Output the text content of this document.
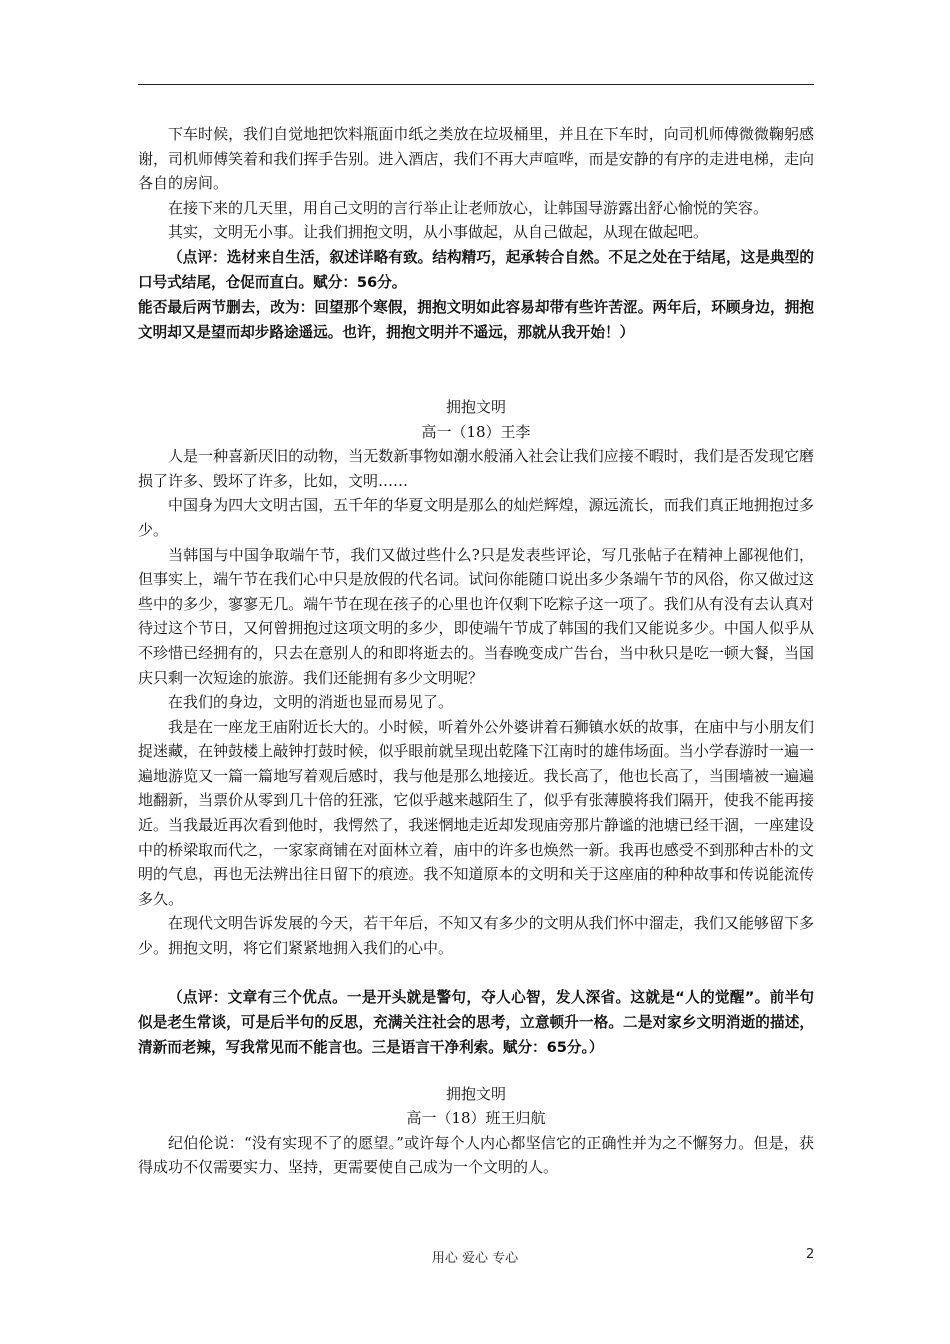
下车时候，我们自觉地把饮料瓶面巾纸之类放在垃圾桶里，并且在下车时，向司机师傅微微鞠躬感谢，司机师傅笑着和我们挥手告别。进入酒店，我们不再大声喧哗，而是安静的有序的走进电梯，走向各自的房间。

在接下来的几天里，用自己文明的言行举止让老师放心，让韩国导游露出舒心愉悦的笑容。

其实，文明无小事。让我们拥抱文明，从小事做起，从自己做起，从现在做起吧。

（点评：选材来自生活，叙述详略有致。结构精巧，起承转合自然。不足之处在于结尾，这是典型的口号式结尾，仓促而直白。赋分：56分。

能否最后两节删去，改为：回望那个寒假，拥抱文明如此容易却带有些许苦涩。两年后，环顾身边，拥抱文明却又是望而却步路途遥远。也许，拥抱文明并不遥远，那就从我开始！）

拥抱文明

高一（18）王李

人是一种喜新厌旧的动物，当无数新事物如潮水般涌入社会让我们应接不暇时，我们是否发现它磨损了许多、毁坏了许多，比如，文明……

中国身为四大文明古国，五千年的华夏文明是那么的灿烂辉煌，源远流长，而我们真正地拥抱过多少。

当韩国与中国争取端午节，我们又做过些什么?只是发表些评论，写几张帖子在精神上鄙视他们，但事实上，端午节在我们心中只是放假的代名词。试问你能随口说出多少条端午节的风俗，你又做过这些中的多少，寥寥无几。端午节在现在孩子的心里也许仅剩下吃粽子这一项了。我们从有没有去认真对待过这个节日，又何曾拥抱过这项文明的多少，即使端午节成了韩国的我们又能说多少。中国人似乎从不珍惜已经拥有的，只去在意别人的和即将逝去的。当春晚变成广告台，当中秋只是吃一顿大餐，当国庆只剩一次短途的旅游。我们还能拥有多少文明呢？

在我们的身边，文明的消逝也显而易见了。

我是在一座龙王庙附近长大的。小时候，听着外公外婆讲着石狮镇水妖的故事，在庙中与小朋友们捉迷藏，在钟鼓楼上敲钟打鼓时候，似乎眼前就呈现出乾隆下江南时的雄伟场面。当小学春游时一遍一遍地游览又一篇一篇地写着观后感时，我与他是那么地接近。我长高了，他也长高了，当围墙被一遍遍地翻新，当票价从零到几十倍的狂涨，它似乎越来越陌生了，似乎有张薄膜将我们隔开，使我不能再接近。当我最近再次看到他时，我愕然了，我迷惘地走近却发现庙旁那片静谧的池塘已经干涸，一座建设中的桥梁取而代之，一家家商铺在对面林立着，庙中的许多也焕然一新。我再也感受不到那种古朴的文明的气息，再也无法辨出往日留下的痕迹。我不知道原本的文明和关于这座庙的种种故事和传说能流传多久。

在现代文明告诉发展的今天，若干年后，不知又有多少的文明从我们怀中溜走，我们又能够留下多少。拥抱文明，将它们紧紧地拥入我们的心中。

（点评：文章有三个优点。一是开头就是警句，夺人心智，发人深省。这就是“人的觉醒”。前半句似是老生常谈，可是后半句的反思，充满关注社会的思考，立意顿升一格。二是对家乡文明消逝的描述，清新而老辣，写我常见而不能言也。三是语言干净利索。赋分：65分。）

拥抱文明

高一（18）班王归航

纪伯伦说：“没有实现不了的愿望。”或许每个人内心都坚信它的正确性并为之不懈努力。但是，获得成功不仅需要实力、坚持，更需要使自己成为一个文明的人。

用心 爱心 专心	2
